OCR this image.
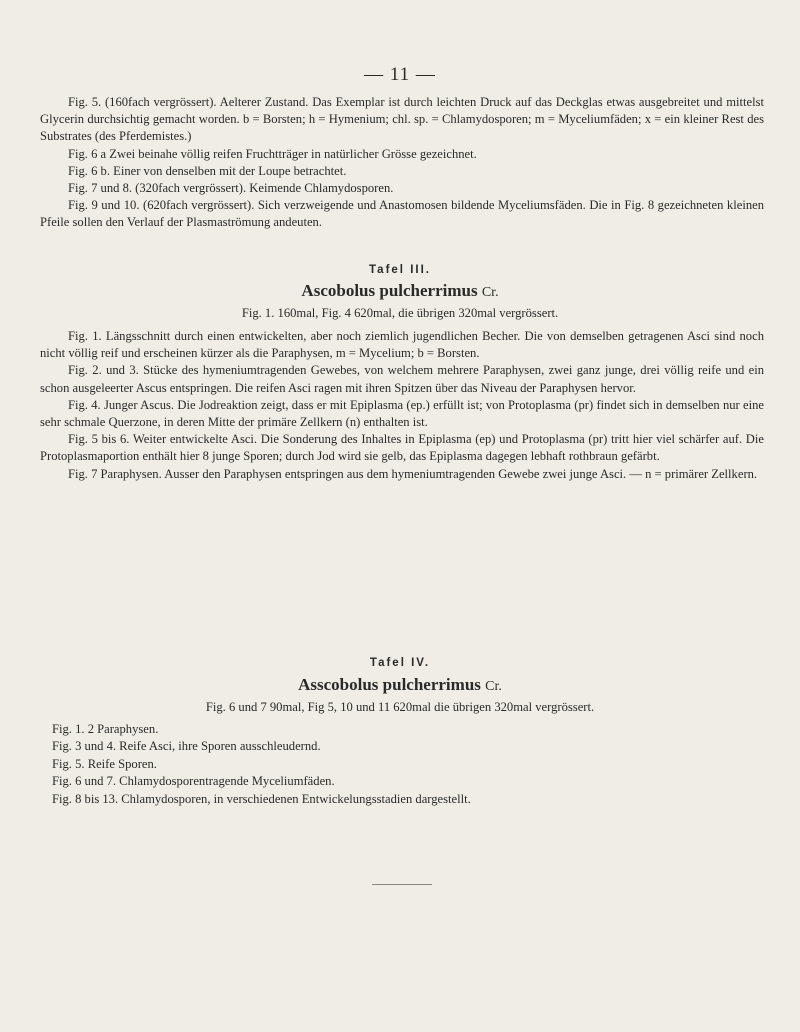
— 11 —

Fig. 5. (160fach vergrössert). Aelterer Zustand. Das Exemplar ist durch leichten Druck auf das Deckglas etwas ausgebreitet und mittelst Glycerin durchsichtig gemacht worden. b = Borsten; h = Hymenium; chl. sp. = Chlamydosporen; m = Myceliumfäden; x = ein kleiner Rest des Substrates (des Pferdemistes.)

Fig. 6 a Zwei beinahe völlig reifen Fruchtträger in natürlicher Grösse gezeichnet.

Fig. 6 b. Einer von denselben mit der Loupe betrachtet.

Fig. 7 und 8. (320fach vergrössert). Keimende Chlamydosporen.

Fig. 9 und 10. (620fach vergrössert). Sich verzweigende und Anastomosen bildende Myceliumsfäden. Die in Fig. 8 gezeichneten kleinen Pfeile sollen den Verlauf der Plasmaströmung andeuten.

Tafel III.
Ascobolus pulcherrimus Cr.
Fig. 1. 160mal, Fig. 4 620mal, die übrigen 320mal vergrössert.

Fig. 1. Längsschnitt durch einen entwickelten, aber noch ziemlich jugendlichen Becher. Die von demselben getragenen Asci sind noch nicht völlig reif und erscheinen kürzer als die Paraphysen, m = Mycelium; b = Borsten.

Fig. 2. und 3. Stücke des hymeniumtragenden Gewebes, von welchem mehrere Paraphysen, zwei ganz junge, drei völlig reife und ein schon ausgeleerter Ascus entspringen. Die reifen Asci ragen mit ihren Spitzen über das Niveau der Paraphysen hervor.

Fig. 4. Junger Ascus. Die Jodreaktion zeigt, dass er mit Epiplasma (ep.) erfüllt ist; von Protoplasma (pr) findet sich in demselben nur eine sehr schmale Querzone, in deren Mitte der primäre Zellkern (n) enthalten ist.

Fig. 5 bis 6. Weiter entwickelte Asci. Die Sonderung des Inhaltes in Epiplasma (ep) und Protoplasma (pr) tritt hier viel schärfer auf. Die Protoplasmaportion enthält hier 8 junge Sporen; durch Jod wird sie gelb, das Epiplasma dagegen lebhaft rothbraun gefärbt.

Fig. 7 Paraphysen. Ausser den Paraphysen entspringen aus dem hymeniumtragenden Gewebe zwei junge Asci. — n = primärer Zellkern.

Tafel IV.
Asscobolus pulcherrimus Cr.
Fig. 6 und 7 90mal, Fig 5, 10 und 11 620mal die übrigen 320mal vergrössert.

Fig. 1. 2 Paraphysen.

Fig. 3 und 4. Reife Asci, ihre Sporen ausschleudernd.

Fig. 5. Reife Sporen.

Fig. 6 und 7. Chlamydosporentragende Myceliumfäden.

Fig. 8 bis 13. Chlamydosporen, in verschiedenen Entwickelungsstadien dargestellt.
